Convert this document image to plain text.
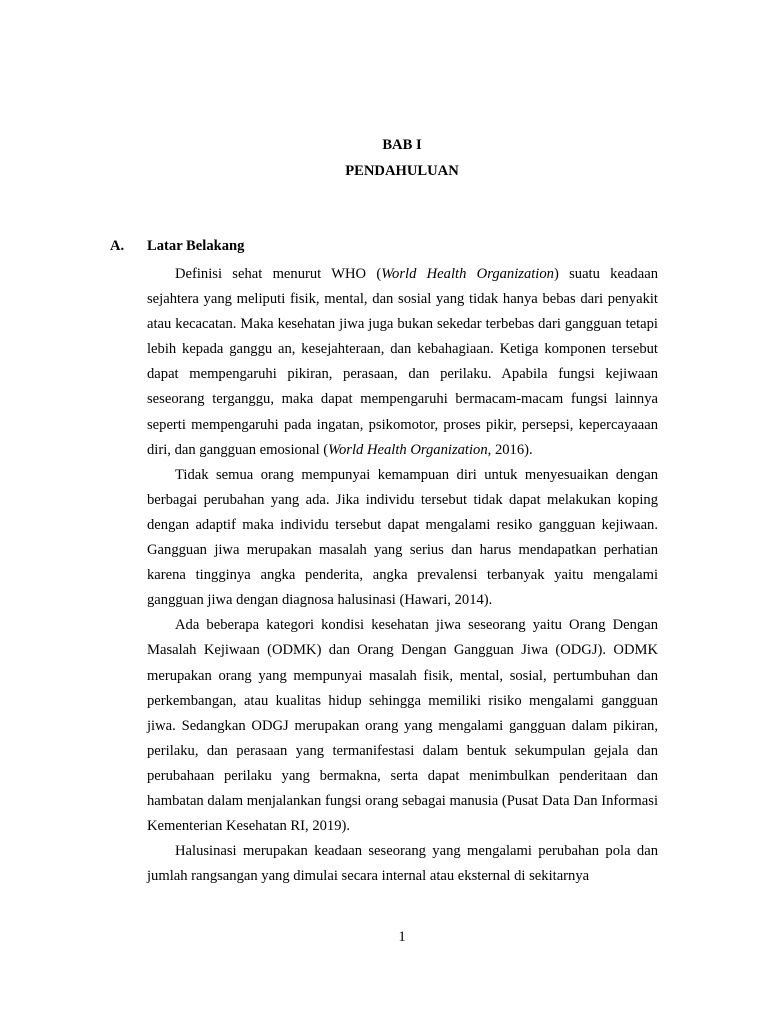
BAB I
PENDAHULUAN
A. Latar Belakang

Definisi sehat menurut WHO (World Health Organization) suatu keadaan sejahtera yang meliputi fisik, mental, dan sosial yang tidak hanya bebas dari penyakit atau kecacatan. Maka kesehatan jiwa juga bukan sekedar terbebas dari gangguan tetapi lebih kepada ganggu an, kesejahteraan, dan kebahagiaan. Ketiga komponen tersebut dapat mempengaruhi pikiran, perasaan, dan perilaku. Apabila fungsi kejiwaan seseorang terganggu, maka dapat mempengaruhi bermacam-macam fungsi lainnya seperti mempengaruhi pada ingatan, psikomotor, proses pikir, persepsi, kepercayaaan diri, dan gangguan emosional (World Health Organization, 2016).

Tidak semua orang mempunyai kemampuan diri untuk menyesuaikan dengan berbagai perubahan yang ada. Jika individu tersebut tidak dapat melakukan koping dengan adaptif maka individu tersebut dapat mengalami resiko gangguan kejiwaan. Gangguan jiwa merupakan masalah yang serius dan harus mendapatkan perhatian karena tingginya angka penderita, angka prevalensi terbanyak yaitu mengalami gangguan jiwa dengan diagnosa halusinasi (Hawari, 2014).

Ada beberapa kategori kondisi kesehatan jiwa seseorang yaitu Orang Dengan Masalah Kejiwaan (ODMK) dan Orang Dengan Gangguan Jiwa (ODGJ). ODMK merupakan orang yang mempunyai masalah fisik, mental, sosial, pertumbuhan dan perkembangan, atau kualitas hidup sehingga memiliki risiko mengalami gangguan jiwa. Sedangkan ODGJ merupakan orang yang mengalami gangguan dalam pikiran, perilaku, dan perasaan yang termanifestasi dalam bentuk sekumpulan gejala dan perubahaan perilaku yang bermakna, serta dapat menimbulkan penderitaan dan hambatan dalam menjalankan fungsi orang sebagai manusia (Pusat Data Dan Informasi Kementerian Kesehatan RI, 2019).

Halusinasi merupakan keadaan seseorang yang mengalami perubahan pola dan jumlah rangsangan yang dimulai secara internal atau eksternal di sekitarnya

1
